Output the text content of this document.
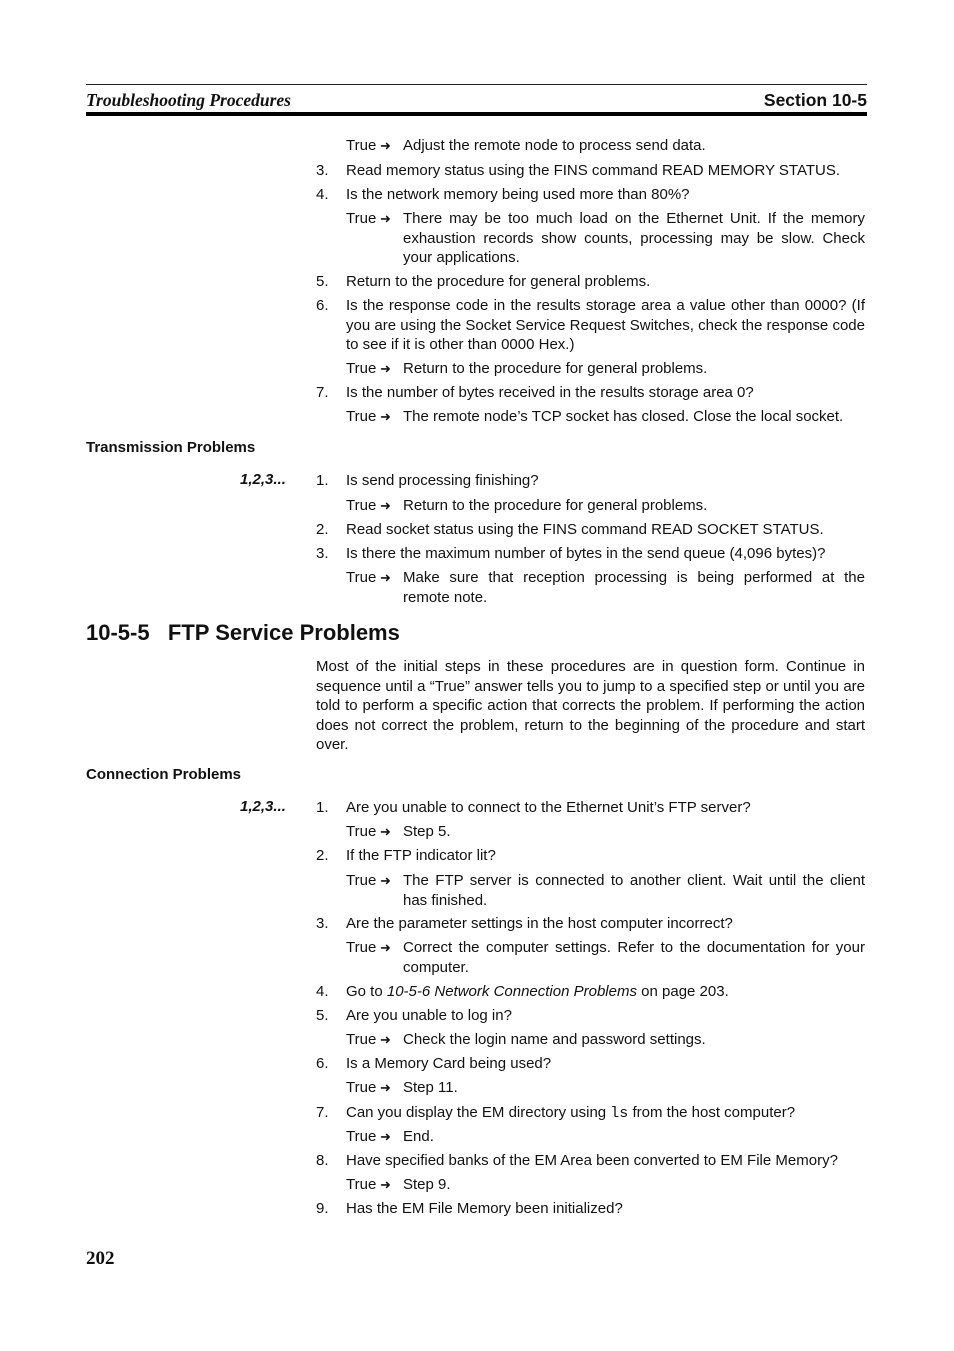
Troubleshooting Procedures	Section 10-5
True ➜ Adjust the remote node to process send data.
3. Read memory status using the FINS command READ MEMORY STATUS.
4. Is the network memory being used more than 80%?
True ➜ There may be too much load on the Ethernet Unit. If the memory exhaustion records show counts, processing may be slow. Check your applications.
5. Return to the procedure for general problems.
6. Is the response code in the results storage area a value other than 0000? (If you are using the Socket Service Request Switches, check the response code to see if it is other than 0000 Hex.)
True ➜ Return to the procedure for general problems.
7. Is the number of bytes received in the results storage area 0?
True ➜ The remote node’s TCP socket has closed. Close the local socket.
Transmission Problems
1,2,3... 1. Is send processing finishing?
True ➜ Return to the procedure for general problems.
2. Read socket status using the FINS command READ SOCKET STATUS.
3. Is there the maximum number of bytes in the send queue (4,096 bytes)?
True ➜ Make sure that reception processing is being performed at the remote note.
10-5-5   FTP Service Problems
Most of the initial steps in these procedures are in question form. Continue in sequence until a “True” answer tells you to jump to a specified step or until you are told to perform a specific action that corrects the problem. If performing the action does not correct the problem, return to the beginning of the procedure and start over.
Connection Problems
1,2,3... 1. Are you unable to connect to the Ethernet Unit’s FTP server?
True ➜ Step 5.
2. If the FTP indicator lit?
True ➜ The FTP server is connected to another client. Wait until the client has finished.
3. Are the parameter settings in the host computer incorrect?
True ➜ Correct the computer settings. Refer to the documentation for your computer.
4. Go to 10-5-6 Network Connection Problems on page 203.
5. Are you unable to log in?
True ➜ Check the login name and password settings.
6. Is a Memory Card being used?
True ➜ Step 11.
7. Can you display the EM directory using ls from the host computer?
True ➜ End.
8. Have specified banks of the EM Area been converted to EM File Memory?
True ➜ Step 9.
9. Has the EM File Memory been initialized?
202
